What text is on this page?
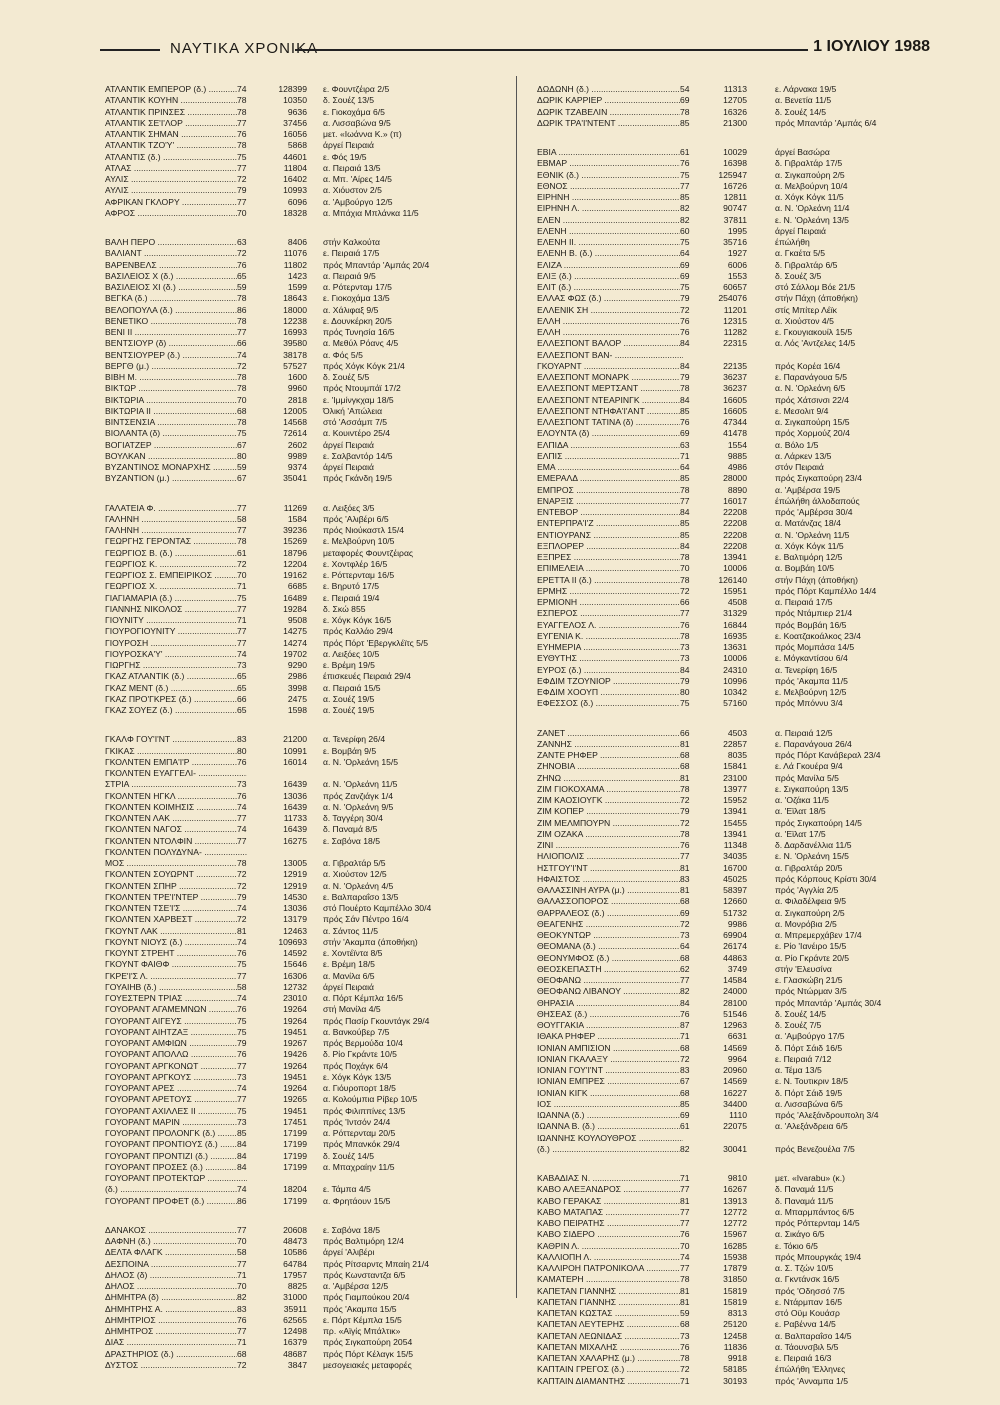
ΝΑΥΤΙΚΑ ΧΡΟΝΙΚΑ	1 ΙΟΥΛΙΟΥ 1988
ΑΤΛΑΝΤΙΚ ΕΜΠΕΡΟΡ (δ.) .....	74	128399 ε. Φουντζέιρα 2/5
ΑΤΛΑΝΤΙΚ ΚΟΥΗΝ .....	78	10350 δ. Σουέζ 13/5
ΑΤΛΑΝΤΙΚ ΠΡΙΝΣΕΣ .....	78	9636 ε. Γιοκοχάμα 6/5
ΑΤΛΑΝΤΙΚ ΣΕ'Ι'ΛΟΡ .....	77	37456 α. Λισσαβώνα 9/5
ΑΤΛΑΝΤΙΚ ΣΗΜΑΝ .....	76	16056 μετ. «Ιωάννα Κ.» (π)
ΑΤΛΑΝΤΙΚ ΤΖΟ'Υ' .....	78	5868 άργεί Πειραιά
ΑΤΛΑΝΤΙΣ (δ.) .....	75	44601 ε. Φός 19/5
ΑΤΛΑΣ .....	77	11804 α. Πειραιά 13/5
ΑΥΛΙΣ .....	72	16402 α. Μπ. 'Αίρες 14/5
ΑΥΛΙΣ .....	79	10993 α. Χιόυστον 2/5
ΑΦΡΙΚΑΝ ΓΚΛΟΡΥ .....	77	6096 α. 'Αμβούργο 12/5
ΑΦΡΟΣ .....	70	18328 α. Μπάχια Μπλάνκα 11/5
ΒΑΛΗ ΠΕΡΟ .....	63	8406 στήν Καλκούτα
ΒΑΛΙΑΝΤ .....	72	11076 ε. Πειραιά 17/5
ΒΑΡΕΝΒΕΛΣ .....	76	11802 πρός Μπαντάρ 'Αμπάς 20/4
ΒΑΣΙΛΕΙΟΣ Χ (δ.) .....	65	1423 α. Πειραιά 9/5
ΒΑΣΙΛΕΙΟΣ ΧΙ (δ.) .....	59	1599 α. Ρότερνταμ 17/5
ΒΕΓΚΑ (δ.) .....	78	18643 ε. Γιοκοχάμα 13/5
ΒΕΛΟΠΟΥΛΑ (δ.) .....	86	18000 α. Χάλιφαξ 9/5
ΒΕΝΕΤΙΚΟ .....	78	12238 ε. Δουνκέρκη 20/5
ΒΕΝΙ ΙΙ .....	77	16993 πρός Τυνησία 16/5
ΒΕΝΤΣΙΟΥΡ (δ) .....	66	39580 α. Μεθύλ Ρόανς 4/5
ΒΕΝΤΣΙΟΥΡΕΡ (δ.) .....	74	38178 α. Φός 5/5
ΒΕΡΓΘ (μ.) .....	72	57527 πρός Χόγκ Κόγκ 21/4
ΒΙΒΗ Μ. .....	78	1600 δ. Σουέζ 5/5
ΒΙΚΤΩΡ .....	78	9960 πρός Ντουμπάϊ 17/2
ΒΙΚΤΩΡΙΑ .....	70	2818 ε. 'Ιμμίνγκχαμ 18/5
ΒΙΚΤΩΡΙΑ ΙΙ .....	68	12005 Όλική 'Απώλεια
ΒΙΝΤΣΕΝΣΙΑ .....	78	14568 στό 'Ασσάμπ 7/5
ΒΙΟΛΑΝΤΑ (δ) .....	75	72614 α. Κουιντέρο 25/4
ΒΟΓΙΑΤΖΕΡ .....	67	2602 άργεί Πειραιά
ΒΟΥΛΚΑΝ .....	80	9989 ε. Σαλβαντόρ 14/5
ΒΥΖΑΝΤΙΝΟΣ ΜΟΝΑΡΧΗΣ .....	59	9374 άργεί Πειραιά
ΒΥΖΑΝΤΙΟΝ (μ.) .....	67	35041 πρός Γκάνδη 19/5
ΓΑΛΑΤΕΙΑ Φ. .....	77	11269 α. Λειξόες 3/5
ΓΑΛΗΝΗ .....	58	1584 πρός 'Αλιβέρι 6/5
ΓΑΛΗΝΗ .....	77	39236 πρός Νιούκαστλ 15/4
ΓΕΩΡΓΗΣ ΓΕΡΟΝΤΑΣ .....	78	15269 ε. Μελβούρνη 10/5
ΓΕΩΡΓΙΟΣ Β. (δ.) .....	61	18796 μεταφορές Φουντζέιρας
ΓΕΩΡΓΙΟΣ Κ. .....	72	12204 ε. Χοντφλέρ 16/5
ΓΕΩΡΓΙΟΣ Σ. ΕΜΠΕΙΡΙΚΟΣ .....	70	19162 ε. Ρόττερνταμ 16/5
ΓΕΩΡΓΙΟΣ Χ. .....	71	6685 ε. Βηρυτό 17/5
ΓΙΑΓΙΑΜΑΡΙΑ (δ.) .....	75	16489 ε. Πειραιά 19/4
ΓΙΑΝΝΗΣ ΝΙΚΟΛΟΣ .....	77	19284 δ. Σκώ 855
ΓΙΟΥΝΙΤΥ .....	71	9508 ε. Χόγκ Κόγκ 16/5
ΓΙΟΥΡΟΓΙΟΥΝΙΤΥ .....	77	14275 πρός Καλλάο 29/4
ΓΙΟΥΡΟΣΗ .....	77	14274 πρός Πόρτ 'Εβεργκλέϊτς 5/5
ΓΙΟΥΡΟΣΚΑ'Υ' .....	74	19702 α. Λειξόες 10/5
ΓΙΩΡΓΗΣ .....	73	9290 ε. Βρέμη 19/5
ΓΚΑΖ ΑΤΛΑΝΤΙΚ (δ.) .....	65	2986 έπισκευές Πειραιά 29/4
ΓΚΑΖ ΜΕΝΤ (δ.) .....	65	3998 α. Πειραιά 15/5
ΓΚΑΖ ΠΡΟ'ΓΚΡΕΣ (δ.) .....	66	2475 α. Σουέζ 19/5
ΓΚΑΖ ΣΟΥΕΖ (δ.) .....	65	1598 α. Σουέζ 19/5
ΓΚΑΛΦ ΓΟΥ'Ι'ΝΤ .....	83	21200 α. Τενερίφη 26/4
ΓΚΙΚΑΣ .....	80	10991 ε. Βομβάη 9/5
ΓΚΟΛΝΤΕΝ ΕΜΠΑ'Ι'Ρ .....	76	16014 α. Ν. 'Ορλεάνη 15/5
ΓΚΟΛΝΤΕΝ ΕΥΑΓΓΕΛΙ- .....
ΣΤΡΙΑ .....	73	16439 α. Ν. 'Ορλεάνη 11/5
ΓΚΟΛΝΤΕΝ ΗΓΚΛ .....	76	13036 πρός Ζανζιάγκ 1/4
ΓΚΟΛΝΤΕΝ ΚΟΙΜΗΣΙΣ .....	74	16439 α. Ν. 'Ορλεάνη 9/5
ΓΚΟΛΝΤΕΝ ΛΑΚ .....	77	11733 δ. Ταγγέρη 30/4
ΓΚΟΛΝΤΕΝ ΝΑΓΟΣ .....	74	16439 δ. Παναμά 8/5
ΓΚΟΛΝΤΕΝ ΝΤΟΛΦΙΝ .....	77	16275 ε. Σαβόνα 18/5
ΓΚΟΛΝΤΕΝ ΠΟΛΥΔΥΝΑ- .....
ΜΟΣ .....	78	13005 α. Γιβραλτάρ 5/5
ΓΚΟΛΝΤΕΝ ΣΟΥΩΡΝΤ .....	72	12919 α. Χιούστον 12/5
ΓΚΟΛΝΤΕΝ ΣΠΗΡ .....	72	12919 α. Ν. 'Ορλεάνη 4/5
ΓΚΟΛΝΤΕΝ ΤΡΕ'Ι'ΝΤΕΡ .....	79	14530 ε. Βαλπαραΐσο 13/5
ΓΚΟΛΝΤΕΝ ΤΣΕ'Ι'Σ .....	74	13036 στό Πουέρτο Καμπέλλο 30/4
ΓΚΟΛΝΤΕΝ ΧΑΡΒΕΣΤ .....	72	13179 πρός Σάν Πέντρο 16/4
ΓΚΟΥΝΤ ΛΑΚ .....	81	12463 α. Σάντος 11/5
ΓΚΟΥΝΤ ΝΙΟΥΣ (δ.) .....	74	109693 στήν 'Ακαμπα (άποθήκη)
ΓΚΟΥΝΤ ΣΤΡΕΗΤ .....	76	14592 ε. Χοντέϊντα 8/5
ΓΚΟΥΝΤ ΦΑΙΘΦ .....	75	15646 ε. Βρέμη 18/5
ΓΚΡΕ'Ι'Σ Λ. .....	77	16306 α. Μανίλα 6/5
ΓΟΥΑΙΗΒ (δ.) .....	58	12732 άργεί Πειραιά
ΓΟΥΕΣΤΕΡΝ ΤΡΙΑΣ .....	74	23010 α. Πόρτ Κέμπλα 16/5
ΓΟΥΟΡΑΝΤ ΑΓΑΜΕΜΝΩΝ .....	76	19264 στή Μανίλα 4/5
ΓΟΥΟΡΑΝΤ ΑΙΓΕΥΣ .....	75	19264 πρός Πασίρ Γκουντάγκ 29/4
ΓΟΥΟΡΑΝΤ ΑΙΗΤΖΑΞ .....	75	19451 α. Βανκούβερ 7/5
ΓΟΥΟΡΑΝΤ ΑΜΦΙΩΝ .....	79	19267 πρός Βερμούδα 10/4
ΓΟΥΟΡΑΝΤ ΑΠΟΛΛΩ .....	76	19426 δ. Ρίο Γκράντε 10/5
ΓΟΥΟΡΑΝΤ ΑΡΓΚΟΝΩΤ .....	77	19264 πρός Ποχάγκ 6/4
ΓΟΥΟΡΑΝΤ ΑΡΓΚΟΥΣ .....	73	19451 ε. Χόγκ Κόγκ 13/5
ΓΟΥΟΡΑΝΤ ΑΡΕΣ .....	74	19264 α. Γιόυροπορτ 18/5
ΓΟΥΟΡΑΝΤ ΑΡΕΤΟΥΣ .....	77	19265 α. Κολούμπια Ρίβερ 10/5
ΓΟΥΟΡΑΝΤ ΑΧΙΛΛΕΣ ΙΙ .....	75	19451 πρός Φιλιππίνες 13/5
ΓΟΥΟΡΑΝΤ ΜΑΡΙΝ .....	73	17451 πρός 'Ιντσόν 24/4
ΓΟΥΟΡΑΝΤ ΠΡΟΛΟΝΓΚ (δ.) .....	85	17199 α. Ρόττερνταμ 20/5
ΓΟΥΟΡΑΝΤ ΠΡΟΝΤΙΟΥΣ (δ.) .....	84	17199 πρός Μπανκόκ 29/4
ΓΟΥΟΡΑΝΤ ΠΡΟΝΤΙΖΙ (δ.) .....	84	17199 δ. Σουέζ 14/5
ΓΟΥΟΡΑΝΤ ΠΡΟΣΕΣ (δ.) .....	84	17199 α. Μπαχραίην 11/5
ΓΟΥΟΡΑΝΤ ΠΡΟΤΕΚΤΩΡ .....
(δ.) .....	74	18204 ε. Τάμπα 4/5
ΓΟΥΟΡΑΝΤ ΠΡΟΦΕΤ (δ.) .....	86	17199 α. Φρητάουν 15/5
ΔΑΝΑΚΟΣ .....	77	20608 ε. Σαβόνα 18/5
ΔΑΦΝΗ (δ.) .....	70	48473 πρός Βαλτιμόρη 12/4
ΔΕΛΤΑ ΦΛΑΓΚ .....	58	10586 άργεί 'Αλιβέρι
ΔΕΣΠΟΙΝΑ .....	77	64784 πρός Ρίτσαρντς Μπαίη 21/4
ΔΗΛΟΣ (δ) .....	71	17957 πρός Κωνσταντζα 6/5
ΔΗΛΟΣ .....	70	8825 α. 'Αμβέρσα 12/5
ΔΗΜΗΤΡΑ (δ) .....	82	31000 πρός Γιαμπούκου 20/4
ΔΗΜΗΤΡΗΣ Α. .....	83	35911 πρός 'Ακαμπα 15/5
ΔΗΜΗΤΡΙΟΣ .....	76	62565 ε. Πόρτ Κέμπλα 15/5
ΔΗΜΗΤΡΟΣ .....	77	12498 πρ. «Αϊγίς Μπάλτικ»
ΔΙΑΣ .....	71	16379 πρός Σιγκαπούρη 2054
ΔΡΑΣΤΗΡΙΟΣ (δ.) .....	68	48687 πρός Πόρτ Κέλαγκ 15/5
ΔΥΣΤΟΣ .....	72	3847 μεσογειακές μεταφορές
ΔΩΔΩΝΗ (δ.) .....	54	11313	ε. Λάρνακα 19/5
ΔΩΡΙΚ ΚΑΡΡΙΕΡ .....	69	12705	α. Βενετία 11/5
ΔΩΡΙΚ ΤΖΑΒΕΛΙΝ .....	78	16326	δ. Σουέζ 14/5
ΔΩΡΙΚ ΤΡΑ'Ι'ΝΤΕΝΤ .....	85	21300	πρός Μπαντάρ 'Αμπάς 6/4
ΕΒΙΑ .....	61	10029	άργεί Βασώρα
ΕΒΜΑΡ .....	76	16398	δ. Γιβραλτάρ 17/5
ΕΘΝΙΚ (δ.) .....	75	125947	α. Σιγκαπούρη 2/5
ΕΘΝΟΣ .....	77	16726	α. Μελβούρνη 10/4
ΕΙΡΗΝΗ .....	85	12811	α. Χόγκ Κόγκ 11/5
ΕΙΡΗΝΗ Λ. .....	82	90747	α. Ν. 'Ορλεάνη 11/4
ΕΛΕΝ .....	82	37811	ε. Ν. 'Ορλεάνη 13/5
ΕΛΕΝΗ .....	60	1995	άργεί Πειραιά
ΕΛΕΝΗ ΙΙ. .....	75	35716	έπώλήθη
ΕΛΕΝΗ Β. (δ.) .....	64	1927	α. Γκαέτα 5/5
ΕΛΙΖΑ .....	69	6006	δ. Γιβραλτάρ 6/5
ΕΛΙΞ (δ.) .....	69	1553	δ. Σουέζ 3/5
ΕΛΙΤ (δ.) .....	75	60657	στό Σάλλομ Βόε 21/5
ΕΛΛΑΣ ΦΩΣ (δ.) .....	79	254076	στήν Πάχη (άποθήκη)
ΕΛΛΕΝΙΚ ΣΗ .....	72	11201	στίς Μπίτερ Λέϊκ
ΕΛΛΗ .....	76	12315	α. Χιούστον 4/5
ΕΛΛΗ .....	76	11282	ε. Γκουγιακουίλ 15/5
ΕΛΛΕΣΠΟΝΤ ΒΑΛΟΡ .....	84	22315	α. Λός 'Αντζελες 14/5
ΕΛΛΕΣΠΟΝΤ ΒΑΝ- .....
ΓΚΟΥΑΡΝΤ .....	84	22135	πρός Κορέα 16/4
ΕΛΛΕΣΠΟΝΤ ΜΟΝΑΡΚ .....	79	36237	ε. Παρανάγουα 5/5
ΕΛΛΕΣΠΟΝΤ ΜΕΡΤΣΑΝΤ .....	78	36237	α. Ν. 'Ορλεάνη 6/5
ΕΛΛΕΣΠΟΝΤ ΝΤΕΑΡΙΝΓΚ .....	84	16605	πρός Χάτσινσι 22/4
ΕΛΛΕΣΠΟΝΤ ΝΤΗΦΑ'Ι'ΑΝΤ .....	85	16605	ε. Μεσολιτ 9/4
ΕΛΛΕΣΠΟΝΤ ΤΑΤΙΝΑ (δ) .....	76	47344	α. Σιγκαπούρη 15/5
ΕΛΟΥΝΤΑ (δ) .....	69	41478	πρός Χορμούζ 20/4
ΕΛΠΙΔΑ .....	63	1554	α. Βόλο 1/5
ΕΛΠΙΣ .....	71	9885	α. Λάρκεν 13/5
ΕΜΑ .....	64	4986	στόν Πειραιά
ΕΜΕΡΑΛΔ .....	85	28000	πρός Σιγκαπούρη 23/4
ΕΜΠΡΟΣ .....	78	8890	α. 'Αμβέρσα 19/5
ΕΝΑΡΞΙΣ .....	77	16017	έπώλήθη άλλοδαπούς
ΕΝΤΕΒΟΡ .....	84	22208	πρός 'Αμβέρσα 30/4
ΕΝΤΕΡΠΡΑ'Ι'Ζ .....	85	22208	α. Ματάνζας 18/4
ΕΝΤΙΟΥΡΑΝΣ .....	85	22208	α. Ν. 'Ορλεάνη 11/5
ΕΞΠΛΟΡΕΡ .....	84	22208	α. Χόγκ Κόγκ 11/5
ΕΞΠΡΕΣ .....	78	13941	ε. Βαλτιμόρη 12/5
ΕΠΙΜΕΛΕΙΑ .....	70	10006	α. Βομβάη 10/5
ΕΡΕΤΤΑ ΙΙ (δ.) .....	78	126140	στήν Πάχη (άποθήκη)
ΕΡΜΗΣ .....	72	15951	πρός Πόρτ Καμπέλλο 14/4
ΕΡΜΙΟΝΗ .....	66	4508	α. Πειραιά 17/5
ΕΣΠΕΡΟΣ .....	77	31329	πρός Ντάμπιερ 21/4
ΕΥΑΓΓΕΛΟΣ Λ. .....	76	16844	πρός Βομβάη 16/5
ΕΥΓΕΝΙΑ Κ. .....	78	16935	ε. Κοατζακοάλκος 23/4
ΕΥΗΜΕΡΙΑ .....	73	13631	πρός Μομπάσα 14/5
ΕΥΘΥΤΗΣ .....	73	10006	ε. Μόγκαντίσου 6/4
ΕΥΡΟΣ (δ.) .....	84	24310	α. Τενερίφη 16/5
ΕΦΔΙΜ ΤΖΟΥΝΙΟΡ .....	79	10996	πρός 'Ακαμπα 11/5
ΕΦΔΙΜ ΧΟΟΥΠ .....	80	10342	ε. Μελβούρνη 12/5
ΕΦΕΣΣΟΣ (δ.) .....	75	57160	πρός Μπόννυ 3/4
ΖΑΝΕΤ .....	66	4503	α. Πειραιά 12/5
ΖΑΝΝΗΣ .....	81	22857	ε. Παρανάγουα 26/4
ΖΑΝΤΕ ΡΗΦΕΡ .....	68	8035	πρός Πόρτ Κανάβεραλ 23/4
ΖΗΝΟΒΙΑ .....	68	15841	ε. Λά Γκουέρα 9/4
ΖΗΝΩ .....	81	23100	πρός Μανίλα 5/5
ΖΙΜ ΓΙΟΚΟΧΑΜΑ .....	78	13977	ε. Σιγκαπούρη 13/5
ΖΙΜ ΚΑΟΣΙΟΥΓΚ .....	72	15952	α. 'Οζάκα 11/5
ΖΙΜ ΚΟΠΕΡ .....	79	13941	α. 'Εϊλατ 18/5
ΖΙΜ ΜΕΛΜΠΟΥΡΝ .....	72	15455	πρός Σιγκαπούρη 14/5
ΖΙΜ ΟΖΑΚΑ .....	78	13941	α. 'Εϊλατ 17/5
ΖΙΝΙ .....	76	11348	δ. Δαρδανέλλια 11/5
ΗΛΙΟΠΟΛΙΣ .....	77	34035	ε. Ν. 'Ορλεάνη 15/5
ΗΣΤΓΟΥ'Ι'ΝΤ .....	81	16700	α. Γιβραλτάρ 20/5
ΗΦΑΙΣΤΟΣ .....	83	45025	πρός Κόρπους Κρίστι 30/4
ΘΑΛΑΣΣΙΝΗ ΑΥΡΑ (μ.) .....	81	58397	πρός 'Αγγλία 2/5
ΘΑΛΑΣΣΟΠΟΡΟΣ .....	68	12660	α. Φιλαδέλφεια 9/5
ΘΑΡΡΑΛΕΟΣ (δ.) .....	69	51732	α. Σιγκαπούρη 2/5
ΘΕΑΓΕΝΗΣ .....	72	9986	α. Μονρόβια 2/5
ΘΕΟΚΥΝΤΩΡ .....	73	69904	α. Μπρεμερχάβεν 17/4
ΘΕΟΜΑΝΑ (δ.) .....	64	26174	ε. Ρίο 'Ιανέιρο 15/5
ΘΕΟΝΥΜΦΟΣ (δ.) .....	68	44863	α. Ρίο Γκράντε 20/5
ΘΕΟΣΚΕΠΑΣΤΗ .....	62	3749	στήν 'Ελευσίνα
ΘΕΟΦΑΝΩ .....	77	14584	ε. Γλασκώβη 21/5
ΘΕΟΦΑΝΩ ΛΙΒΑΝΟΥ .....	82	24000	πρός Ντώρμαν 3/5
ΘΗΡΑΣΙΑ .....	84	28100	πρός Μπαντάρ 'Αμπάς 30/4
ΘΗΣΕΑΣ (δ.) .....	76	51546	δ. Σουέζ 14/5
ΘΟΥΓΓΑΚΙΑ .....	87	12963	δ. Σουέζ 7/5
ΙΘΑΚΑ ΡΗΦΕΡ .....	71	6631	α. 'Αμβούργο 17/5
ΙΟΝΙΑΝ ΑΜΠΙΣΙΟΝ .....	68	14569	δ. Πόρτ Σάιδ 16/5
ΙΟΝΙΑΝ ΓΚΑΛΑΞΥ .....	72	9964	ε. Πειραιά 7/12
ΙΟΝΙΑΝ ΓΟΥ'Ι'ΝΤ .....	83	20960	α. Τέμα 13/5
ΙΟΝΙΑΝ ΕΜΠΡΕΣ .....	67	14569	ε. Ν. Τουτικριν 18/5
ΙΟΝΙΑΝ ΚΙΓΚ .....	68	16227	δ. Πόρτ Σάιδ 19/5
ΙΟΣ .....	85	34400	α. Λισσαβώνα 6/5
ΙΩΑΝΝΑ (δ.) .....	69	1110	πρός 'Αλεξάνδρουπολη 3/4
ΙΩΑΝΝΑ Β. (δ.) .....	61	22075	α. 'Αλεξάνδρεια 6/5
ΙΩΑΝΝΗΣ ΚΟΥΛΟΥΘΡΟΣ .....
(δ.) .....	82	30041	πρός Βενεζουέλα 7/5
ΚΑΒΑΔΙΑΣ Ν. .....	71	9810	μετ. «Ivarabu» (κ.)
ΚΑΒΟ ΑΛΕΞΑΝΔΡΟΣ .....	77	16267	δ. Παναμά 11/5
ΚΑΒΟ ΓΕΡΑΚΑΣ .....	81	13913	δ. Παναμά 11/5
ΚΑΒΟ ΜΑΤΑΠΑΣ .....	77	12772	α. Μπαρμπάντος 6/5
ΚΑΒΟ ΠΕΙΡΑΤΗΣ .....	77	12772	πρός Ρόττερνταμ 14/5
ΚΑΒΟ ΣΙΔΕΡΟ .....	76	15967	α. Σικάγο 6/5
ΚΑΘΡΙΝ Λ. .....	70	16285	ε. Τόκιο 6/5
ΚΑΛΛΙΟΠΗ Λ. .....	74	15938	πρός Μπουργκάς 19/4
ΚΑΛΛΙΡΟΗ ΠΑΤΡΟΝΙΚΟΛΑ .....	77	17879	α. Σ. Τζών 10/5
ΚΑΜΑΤΕΡΗ .....	78	31850	α. Γκντάνσκ 16/5
ΚΑΠΕΤΑΝ ΓΙΑΝΝΗΣ .....	81	15819	πρός 'Οδησσό 7/5
ΚΑΠΕΤΑΝ ΓΙΑΝΝΗΣ .....	81	15819	ε. Ντάρμπαν 16/5
ΚΑΠΕΤΑΝ ΚΩΣΤΑΣ .....	59	8313	στό Οϋμ Κουάσρ
ΚΑΠΕΤΑΝ ΛΕΥΤΕΡΗΣ .....	68	25120	ε. Ραβέννα 14/5
ΚΑΠΕΤΑΝ ΛΕΩΝΙΔΑΣ .....	73	12458	α. Βαλπαραΐσο 14/5
ΚΑΠΕΤΑΝ ΜΙΧΑΛΗΣ .....	76	11836	α. Τάουνσβιλ 5/5
ΚΑΠΕΤΑΝ ΧΑΛΑΡΗΣ (μ.) .....	78	9918	ε. Πειραιά 16/3
ΚΑΠΤΑΙΝ ΓΡΕΓΟΣ (δ.) .....	72	58185	έπώλήθη 'Ελληνες
ΚΑΠΤΑΙΝ ΔΙΑΜΑΝΤΗΣ .....	71	30193	πρός 'Ανναμπα 1/5
